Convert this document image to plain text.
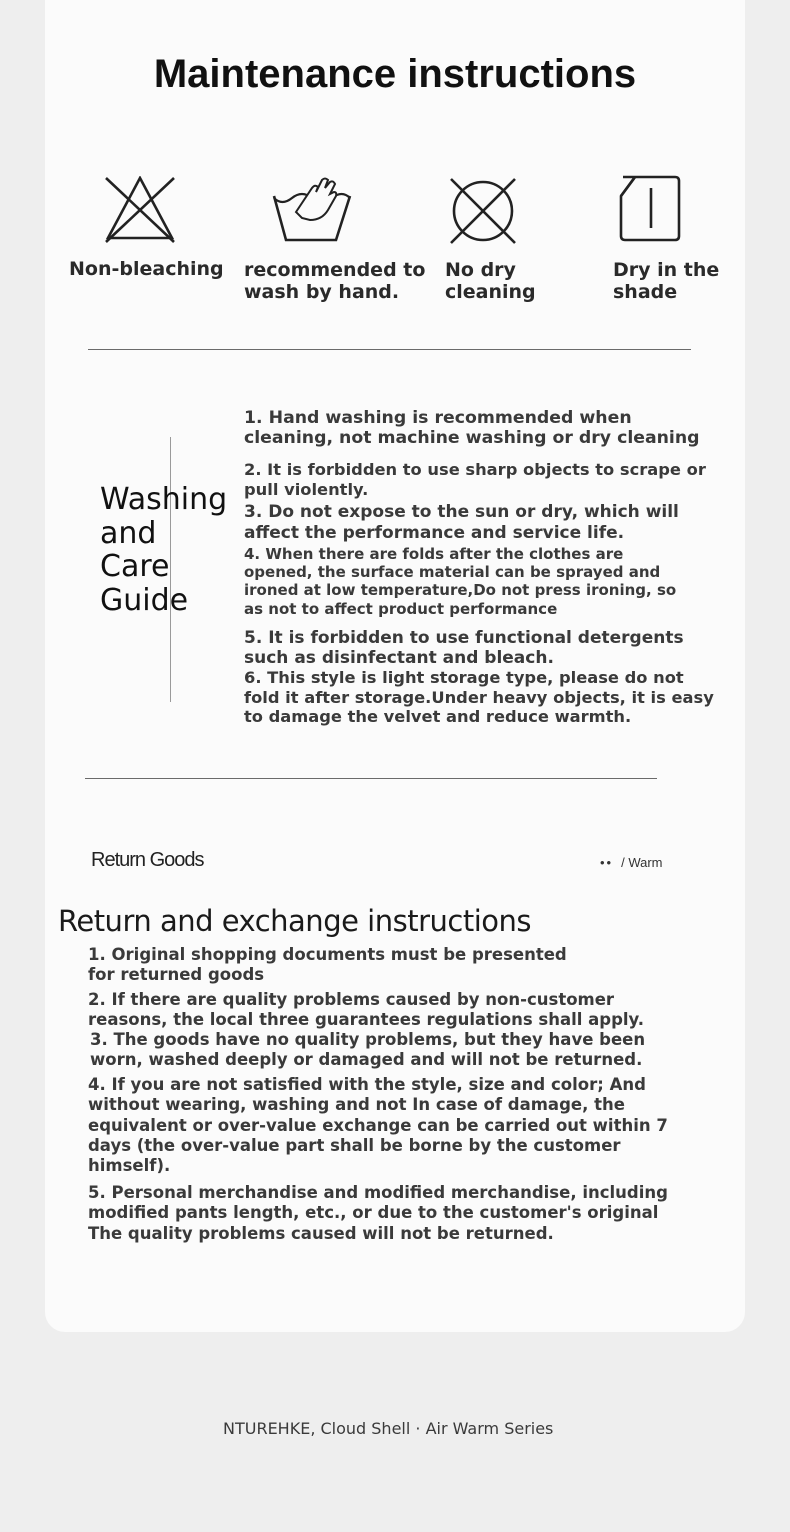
Maintenance instructions
Non-bleaching recommended to
wash by hand.
No dry
cleaning
Dry in the
shade
Washing
and
Care
Guide

1. Hand washing is recommended when cleaning, not machine washing or dry cleaning

2. It is forbidden to use sharp objects to scrape or pull violently.

3. Do not expose to the sun or dry, which will affect the performance and service life.

4. When there are folds after the clothes are opened, the surface material can be sprayed and ironed at low temperature,Do not press ironing, so as not to affect product performance

5. It is forbidden to use functional detergents such as disinfectant and bleach.

6. This style is light storage type, please do not fold it after storage.Under heavy objects, it is easy to damage the velvet and reduce warmth.

Return Goods	•• / Warm
Return and exchange instructions

1. Original shopping documents must be presented for returned goods

2. If there are quality problems caused by non-customer reasons, the local three guarantees regulations shall apply.

3. The goods have no quality problems, but they have been worn, washed deeply or damaged and will not be returned.

4. If you are not satisfied with the style, size and color; And without wearing, washing and not In case of damage, the equivalent or over-value exchange can be carried out within 7 days (the over-value part shall be borne by the customer himself).

5. Personal merchandise and modified merchandise, including modified pants length, etc., or due to the customer's original The quality problems caused will not be returned.

NTUREHKE, Cloud Shell · Air Warm Series
